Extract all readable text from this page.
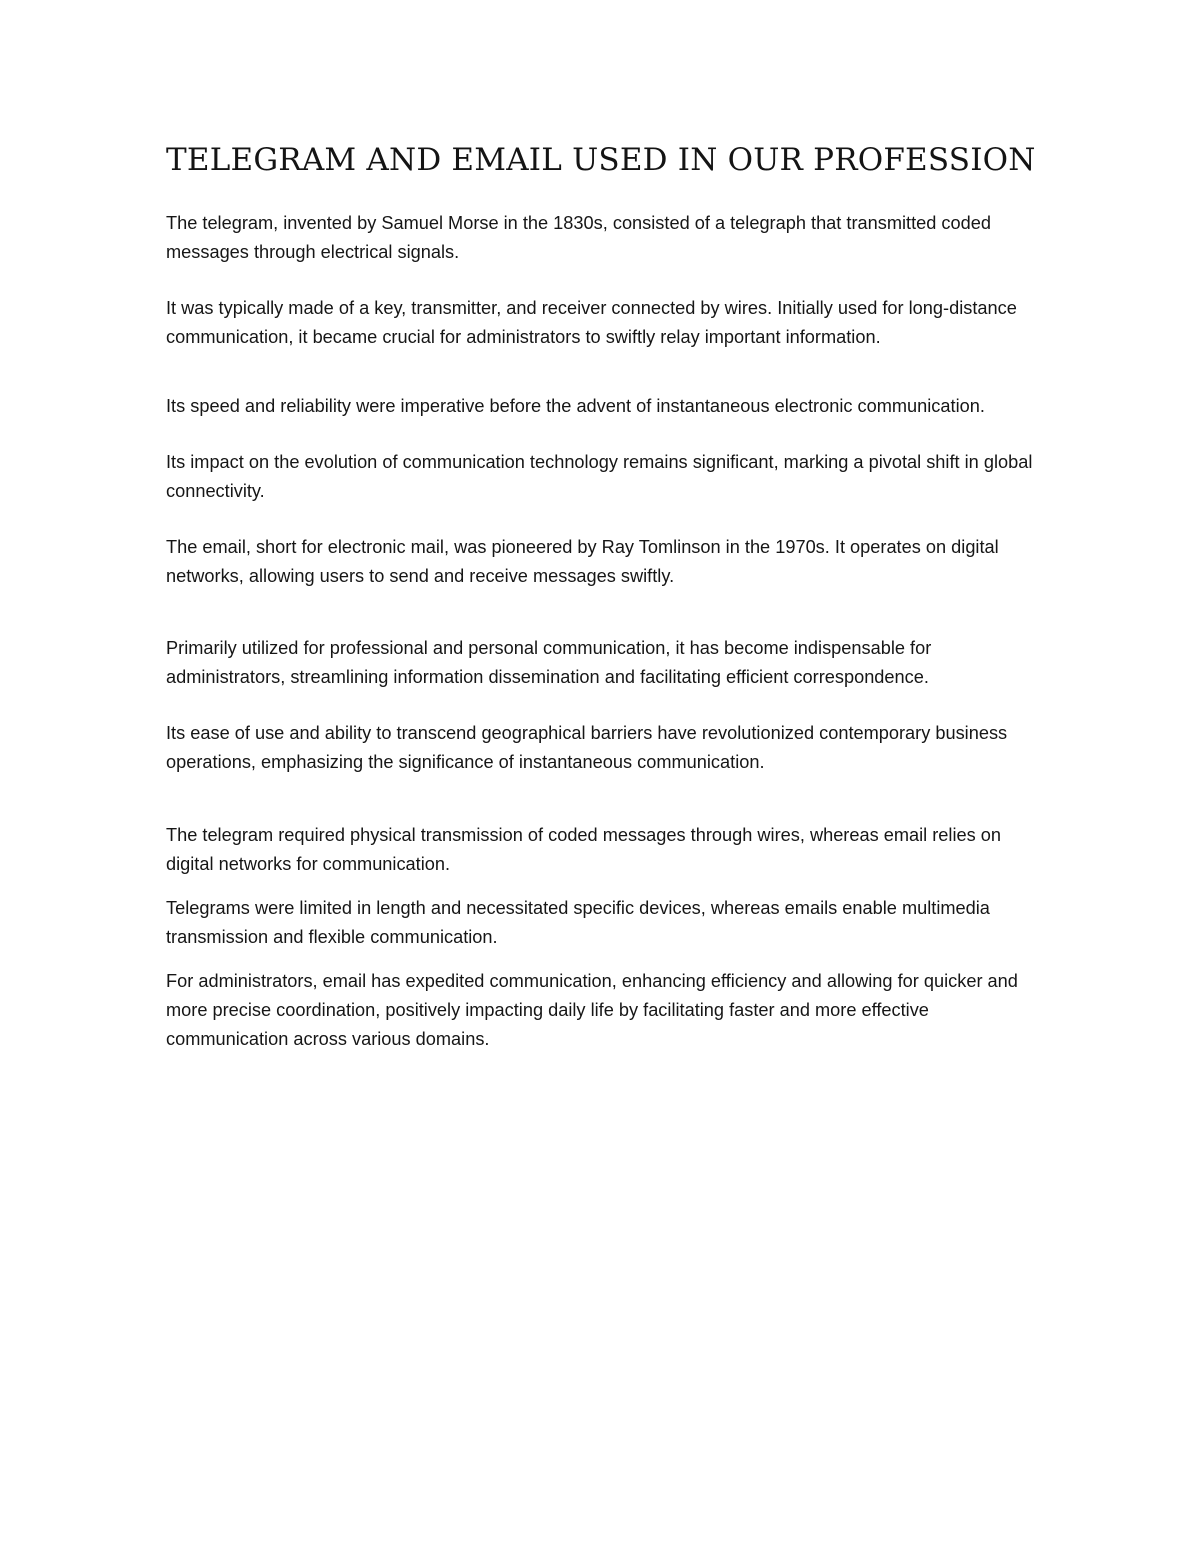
TELEGRAM AND EMAIL USED IN OUR PROFESSION

The telegram, invented by Samuel Morse in the 1830s, consisted of a telegraph that transmitted coded messages through electrical signals.

It was typically made of a key, transmitter, and receiver connected by wires. Initially used for long-distance communication, it became crucial for administrators to swiftly relay important information.

Its speed and reliability were imperative before the advent of instantaneous electronic communication.

Its impact on the evolution of communication technology remains significant, marking a pivotal shift in global connectivity.

The email, short for electronic mail, was pioneered by Ray Tomlinson in the 1970s. It operates on digital networks, allowing users to send and receive messages swiftly.

Primarily utilized for professional and personal communication, it has become indispensable for administrators, streamlining information dissemination and facilitating efficient correspondence.

Its ease of use and ability to transcend geographical barriers have revolutionized contemporary business operations, emphasizing the significance of instantaneous communication.

The telegram required physical transmission of coded messages through wires, whereas email relies on digital networks for communication.

Telegrams were limited in length and necessitated specific devices, whereas emails enable multimedia transmission and flexible communication.

For administrators, email has expedited communication, enhancing efficiency and allowing for quicker and more precise coordination, positively impacting daily life by facilitating faster and more effective communication across various domains.
